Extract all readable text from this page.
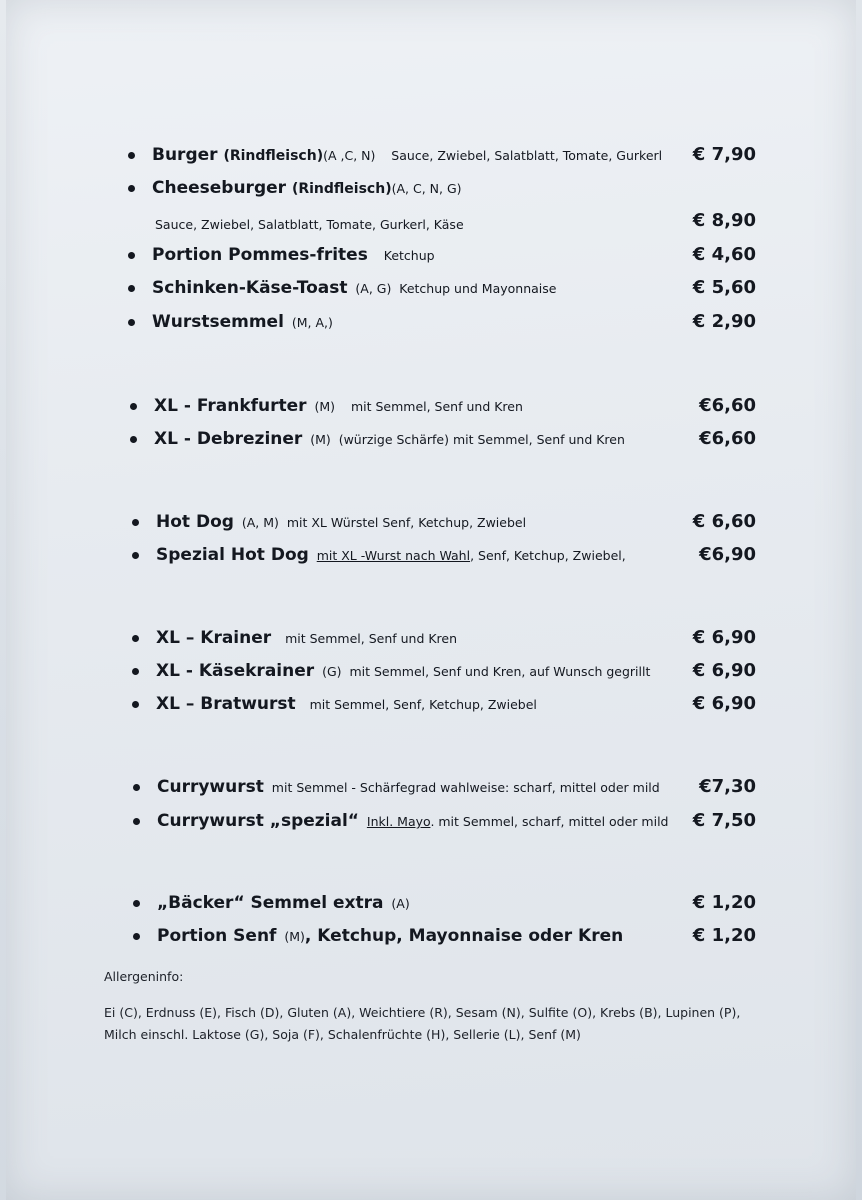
Burger (Rindfleisch)(A ,C, N) Sauce, Zwiebel, Salatblatt, Tomate, Gurkerl € 7,90
Cheeseburger (Rindfleisch)(A, C, N, G)
Sauce, Zwiebel, Salatblatt, Tomate, Gurkerl, Käse	€ 8,90
Portion Pommes-frites Ketchup	€ 4,60
Schinken-Käse-Toast (A, G) Ketchup und Mayonnaise	€ 5,60
Wurstsemmel (M, A,)	€ 2,90
XL - Frankfurter (M) mit Semmel, Senf und Kren	€6,60
XL - Debreziner (M) (würzige Schärfe) mit Semmel, Senf und Kren	€6,60
Hot Dog (A, M) mit XL Würstel Senf, Ketchup, Zwiebel	€ 6,60
Spezial Hot Dog mit XL -Wurst nach Wahl, Senf, Ketchup, Zwiebel,	€6,90
XL – Krainer mit Semmel, Senf und Kren	€ 6,90
XL - Käsekrainer (G) mit Semmel, Senf und Kren, auf Wunsch gegrillt € 6,90
XL – Bratwurst mit Semmel, Senf, Ketchup, Zwiebel	€ 6,90
Currywurst mit Semmel - Schärfegrad wahlweise: scharf, mittel oder mild €7,30
Currywurst „spezial“ Inkl. Mayo. mit Semmel, scharf, mittel oder mild € 7,50
„Bäcker“ Semmel extra (A)	€ 1,20
Portion Senf (M), Ketchup, Mayonnaise oder Kren	€ 1,20
Allergeninfo:
Ei (C), Erdnuss (E), Fisch (D), Gluten (A), Weichtiere (R), Sesam (N), Sulfite (O), Krebs (B), Lupinen (P),
Milch einschl. Laktose (G), Soja (F), Schalenfrüchte (H), Sellerie (L), Senf (M)
